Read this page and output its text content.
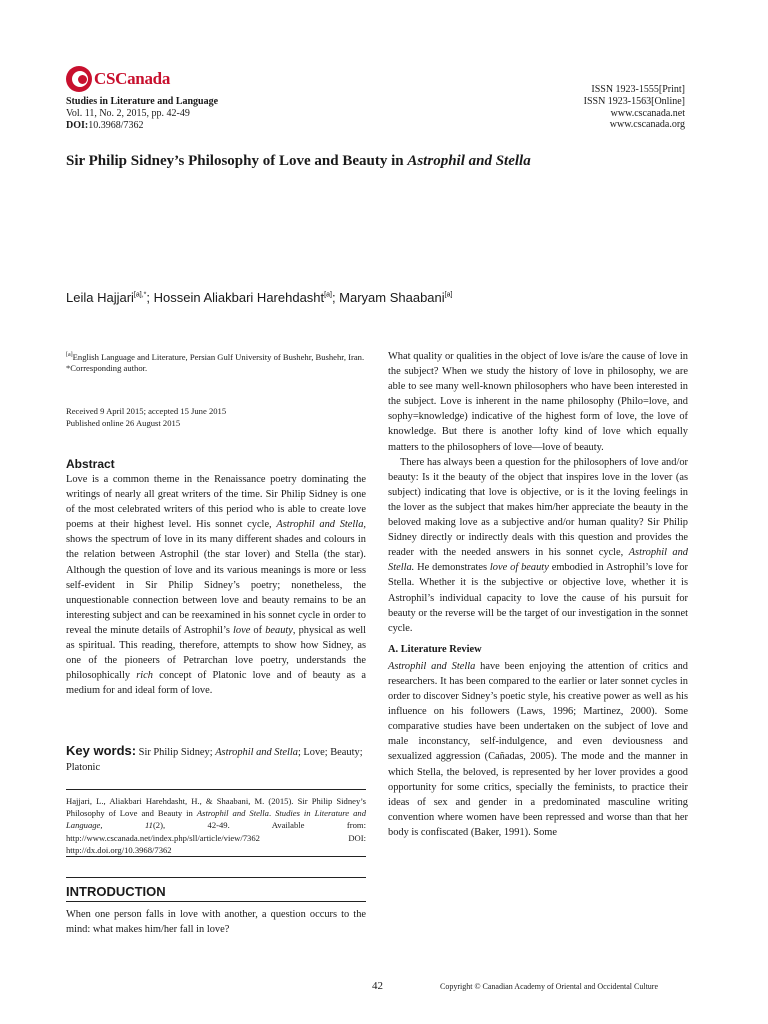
CSCanada
Studies in Literature and Language
Vol. 11, No. 2, 2015, pp. 42-49
DOI:10.3968/7362
ISSN 1923-1555[Print]
ISSN 1923-1563[Online]
www.cscanada.net
www.cscanada.org
Sir Philip Sidney’s Philosophy of Love and Beauty in Astrophil and Stella
Leila Hajjari$^{[a],*}$; Hossein Aliakbari Harehdasht[a]; Maryam Shaabani[a]
[a]English Language and Literature, Persian Gulf University of Bushehr, Bushehr, Iran.
*Corresponding author.
Received 9 April 2015; accepted 15 June 2015
Published online 26 August 2015
Abstract
Love is a common theme in the Renaissance poetry dominating the writings of nearly all great writers of the time. Sir Philip Sidney is one of the most celebrated writers of this period who is able to create love poems at their highest level. His sonnet cycle, Astrophil and Stella, shows the spectrum of love in its many different shades and colours in the relation between Astrophil (the star lover) and Stella (the star). Although the question of love and its various meanings is more or less self-evident in Sir Philip Sidney’s poetry; nonetheless, the unquestionable connection between love and beauty remains to be an interesting subject and can be reexamined in his sonnet cycle in order to reveal the minute details of Astrophil’s love of beauty, physical as well as spiritual. This reading, therefore, attempts to show how Sidney, as one of the pioneers of Petrarchan love poetry, understands the philosophically rich concept of Platonic love and of beauty as a medium for and ideal form of love.
Key words: Sir Philip Sidney; Astrophil and Stella; Love; Beauty; Platonic
Hajjari, L., Aliakbari Harehdasht, H., & Shaabani, M. (2015). Sir Philip Sidney’s Philosophy of Love and Beauty in Astrophil and Stella. Studies in Literature and Language, 11(2), 42-49. Available from: http://www.cscanada.net/index.php/sll/article/view/7362 DOI: http://dx.doi.org/10.3968/7362
INTRODUCTION
When one person falls in love with another, a question occurs to the mind: what makes him/her fall in love?

What quality or qualities in the object of love is/are the cause of love in the subject? When we study the history of love in philosophy, we are able to see many well-known philosophers who have been interested in the subject. Love is inherent in the name philosophy (Philo=love, and sophy=knowledge) indicative of the highest form of love, the love of knowledge. But there is another lofty kind of love which equally matters to the philosophers of love—love of beauty.

There has always been a question for the philosophers of love and/or beauty: Is it the beauty of the object that inspires love in the lover (as subject) indicating that love is objective, or is it the loving feelings in the lover as the subject that makes him/her appreciate the beauty in the beloved making love as a subjective and/or human quality? Sir Philip Sidney directly or indirectly deals with this question and provides the reader with the needed answers in his sonnet cycle, Astrophil and Stella. He demonstrates love of beauty embodied in Astrophil’s love for Stella. Whether it is the subjective or objective love, whether it is Astrophil’s individual capacity to love the cause of his pursuit for beauty or the reverse will be the target of our investigation in the sonnet cycle.

A. Literature Review

Astrophil and Stella have been enjoying the attention of critics and researchers. It has been compared to the earlier or later sonnet cycles in order to discover Sidney’s poetic style, his creative power as well as his influence on his followers (Laws, 1996; Martinez, 2000). Some comparative studies have been undertaken on the subject of love and male inconstancy, self-indulgence, and even deviousness and sexualized aggression (Cañadas, 2005). The mode and the manner in which Stella, the beloved, is represented by her lover provides a good opportunity for some critics, specially the feminists, to practice their ideas of sex and gender in a predominated masculine writing convention where women have been repressed and worse than that her body is confiscated (Baker, 1991). Some

42	Copyright © Canadian Academy of Oriental and Occidental Culture
